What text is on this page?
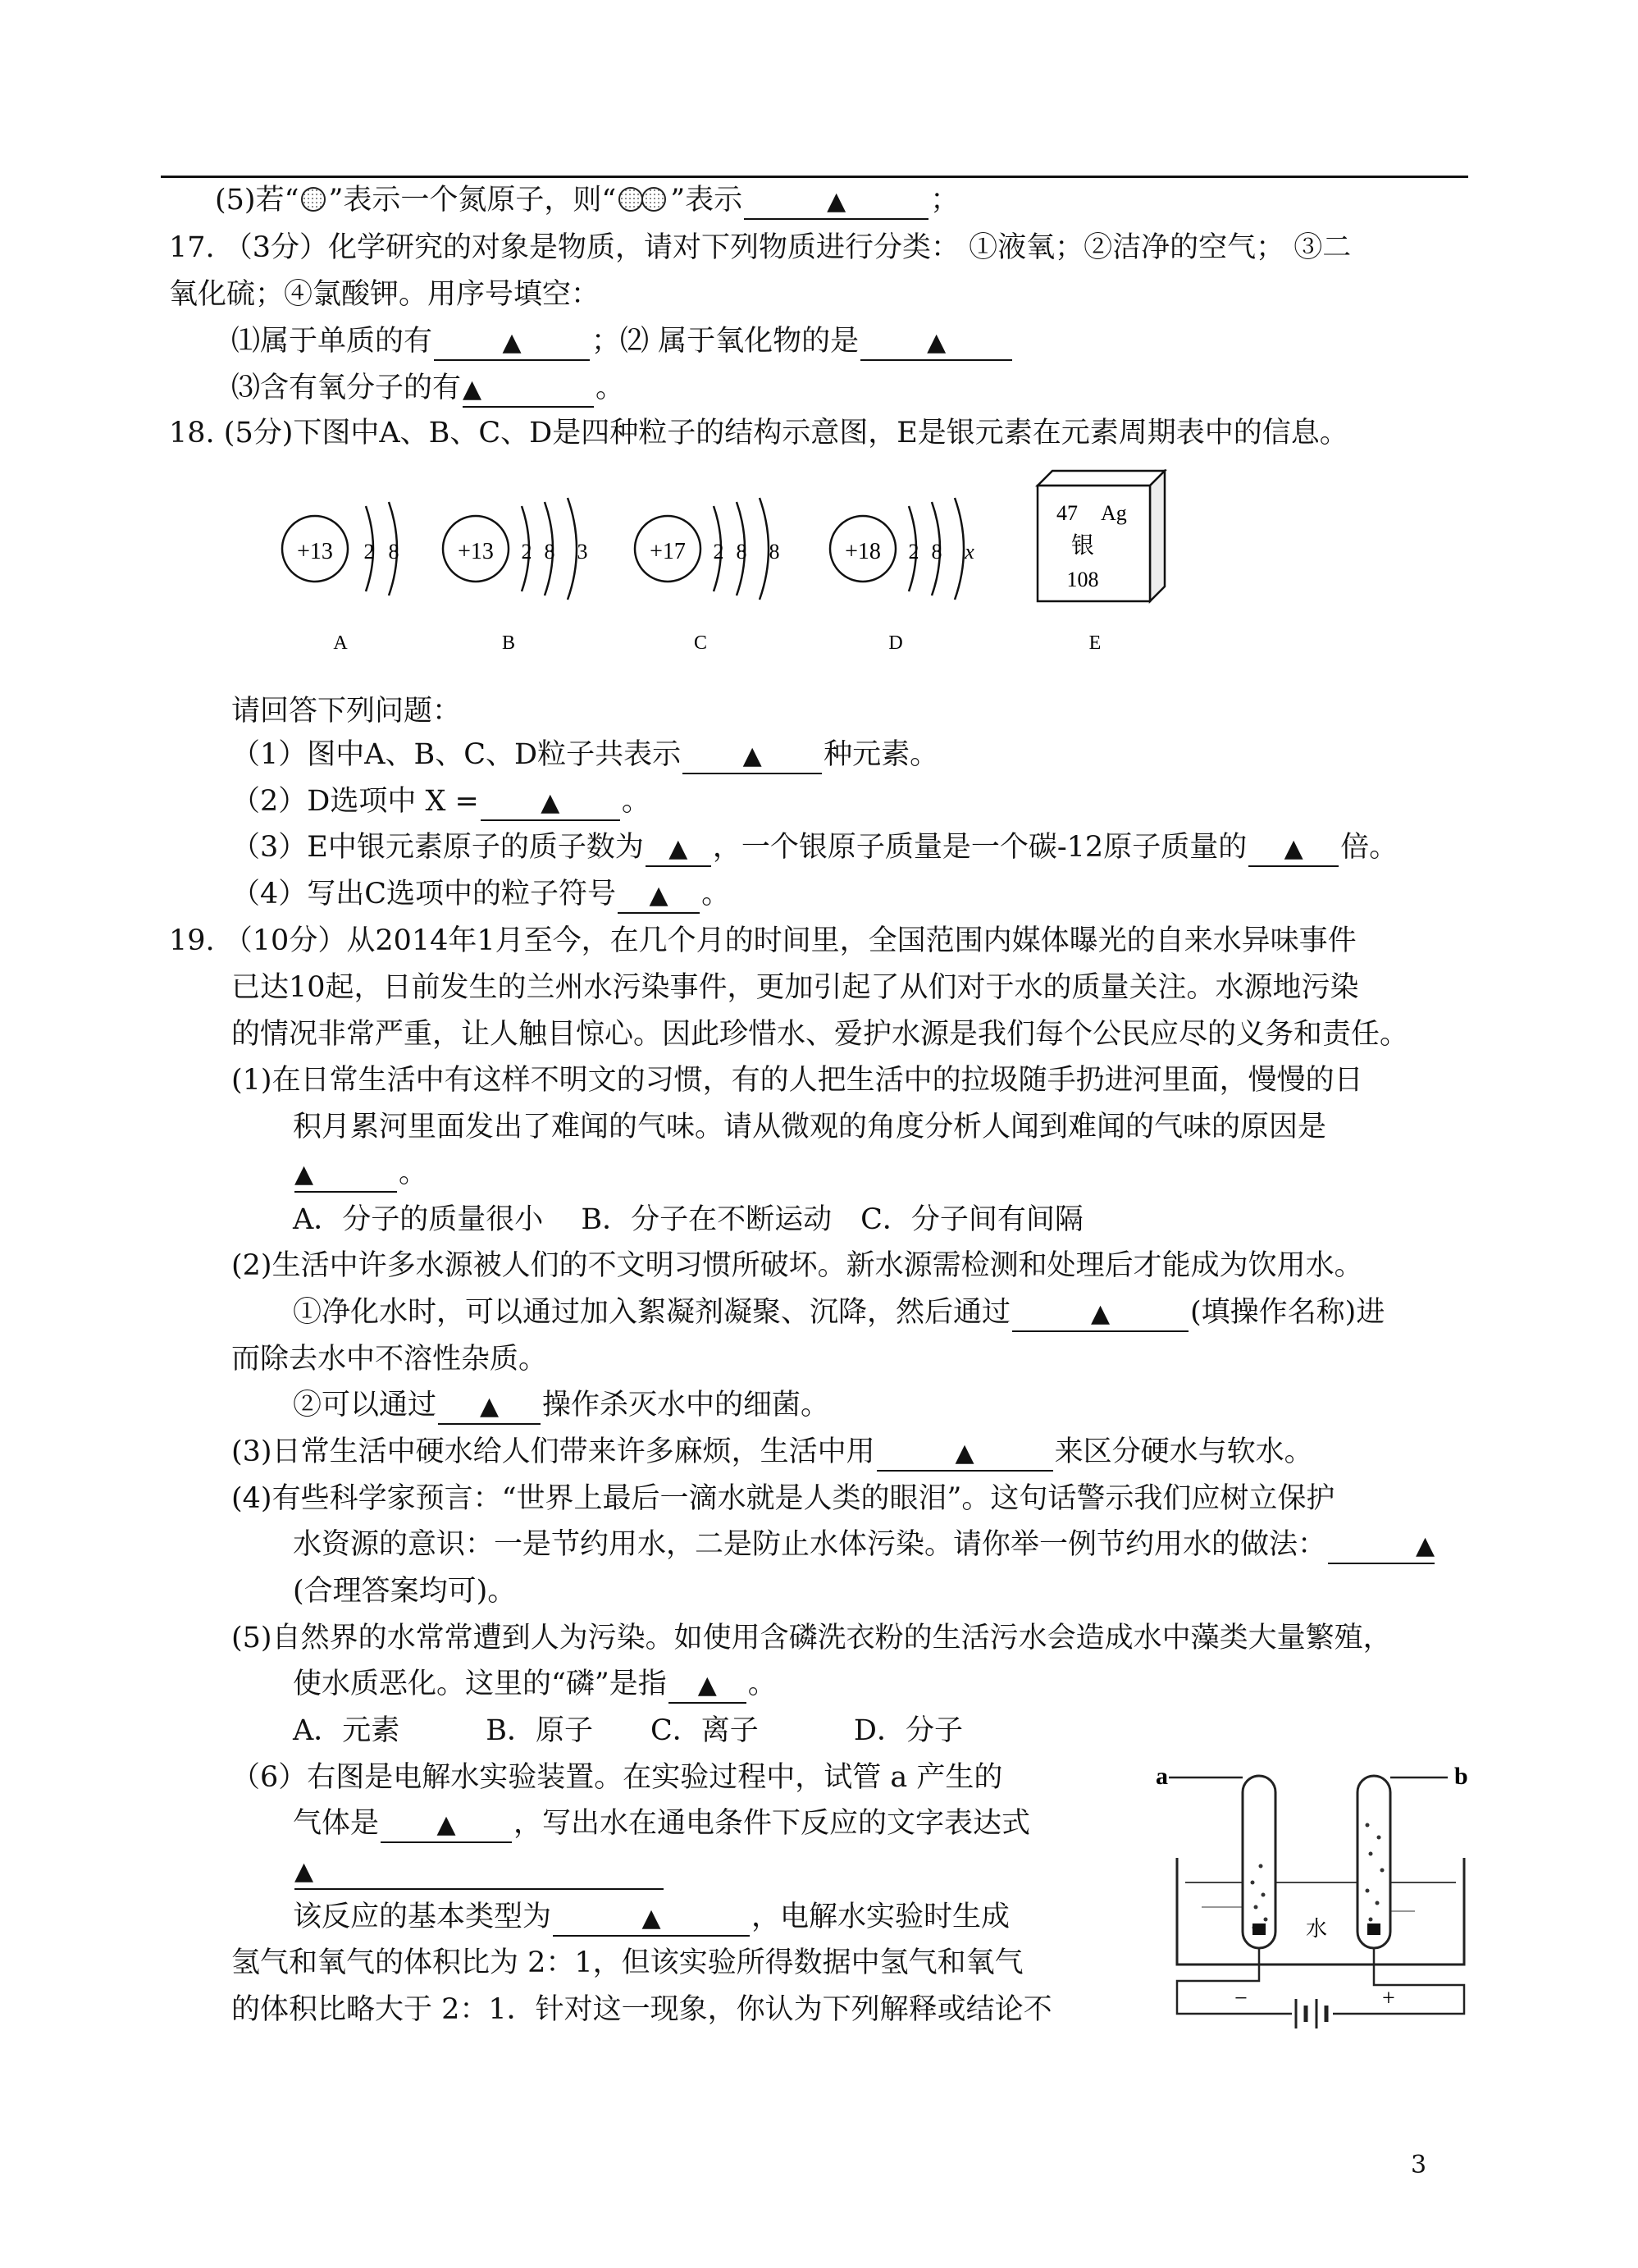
(5)若“ ”表示一个氮原子，则“ ”表示	▲	；
17. （3分）化学研究的对象是物质，请对下列物质进行分类： ①液氧；②洁净的空气； ③二
氧化硫；④氯酸钾。用序号填空：
⑴属于单质的有	▲ ；⑵ 属于氧化物的是	▲
⑶含有氧分子的有▲	。
18. (5分)下图中A、B、C、D是四种粒子的结构示意图，E是银元素在元素周期表中的信息。
+13 2 8
A
+13 2 8 3
B
+17 2 8 8
C
+18 2 8 x
D
47 Ag
银
108
E
请回答下列问题：
（1）图中A、B、C、D粒子共表示	▲ 种元素。
（2）D选项中 X =	▲ 。
（3）E中银元素原子的质子数为 ▲ ，一个银原子质量是一个碳-12原子质量的 ▲ 倍。
（4）写出C选项中的粒子符号 ▲ 。
19. （10分）从2014年1月至今，在几个月的时间里，全国范围内媒体曝光的自来水异味事件
已达10起，日前发生的兰州水污染事件，更加引起了从们对于水的质量关注。水源地污染
的情况非常严重，让人触目惊心。因此珍惜水、爱护水源是我们每个公民应尽的义务和责任。
(1)在日常生活中有这样不明文的习惯，有的人把生活中的拉圾随手扔进河里面，慢慢的日
积月累河里面发出了难闻的气味。请从微观的角度分析人闻到难闻的气味的原因是
▲	。
A．分子的质量很小　 B．分子在不断运动　C．分子间有间隔
(2)生活中许多水源被人们的不文明习惯所破坏。新水源需检测和处理后才能成为饮用水。
①净化水时，可以通过加入絮凝剂凝聚、沉降，然后通过	▲	(填操作名称)进
而除去水中不溶性杂质。
②可以通过 ▲ 操作杀灭水中的细菌。
(3)日常生活中硬水给人们带来许多麻烦，生活中用	▲	来区分硬水与软水。
(4)有些科学家预言：“世界上最后一滴水就是人类的眼泪”。这句话警示我们应树立保护
水资源的意识：一是节约用水，二是防止水体污染。请你举一例节约用水的做法：	▲
(合理答案均可)。
(5)自然界的水常常遭到人为污染。如使用含磷洗衣粉的生活污水会造成水中藻类大量繁殖，
使水质恶化。这里的“磷”是指 ▲ 。
A．元素　　　B．原子　　C．离子　　　 D．分子
（6）右图是电解水实验装置。在实验过程中，试管 a 产生的
气体是 ▲ ，写出水在通电条件下反应的文字表达式
▲
该反应的基本类型为	▲	，电解水实验时生成
氢气和氧气的体积比为 2：1，但该实验所得数据中氢气和氧气
的体积比略大于 2：1．针对这一现象，你认为下列解释或结论不
水
a	b
−	+
3
